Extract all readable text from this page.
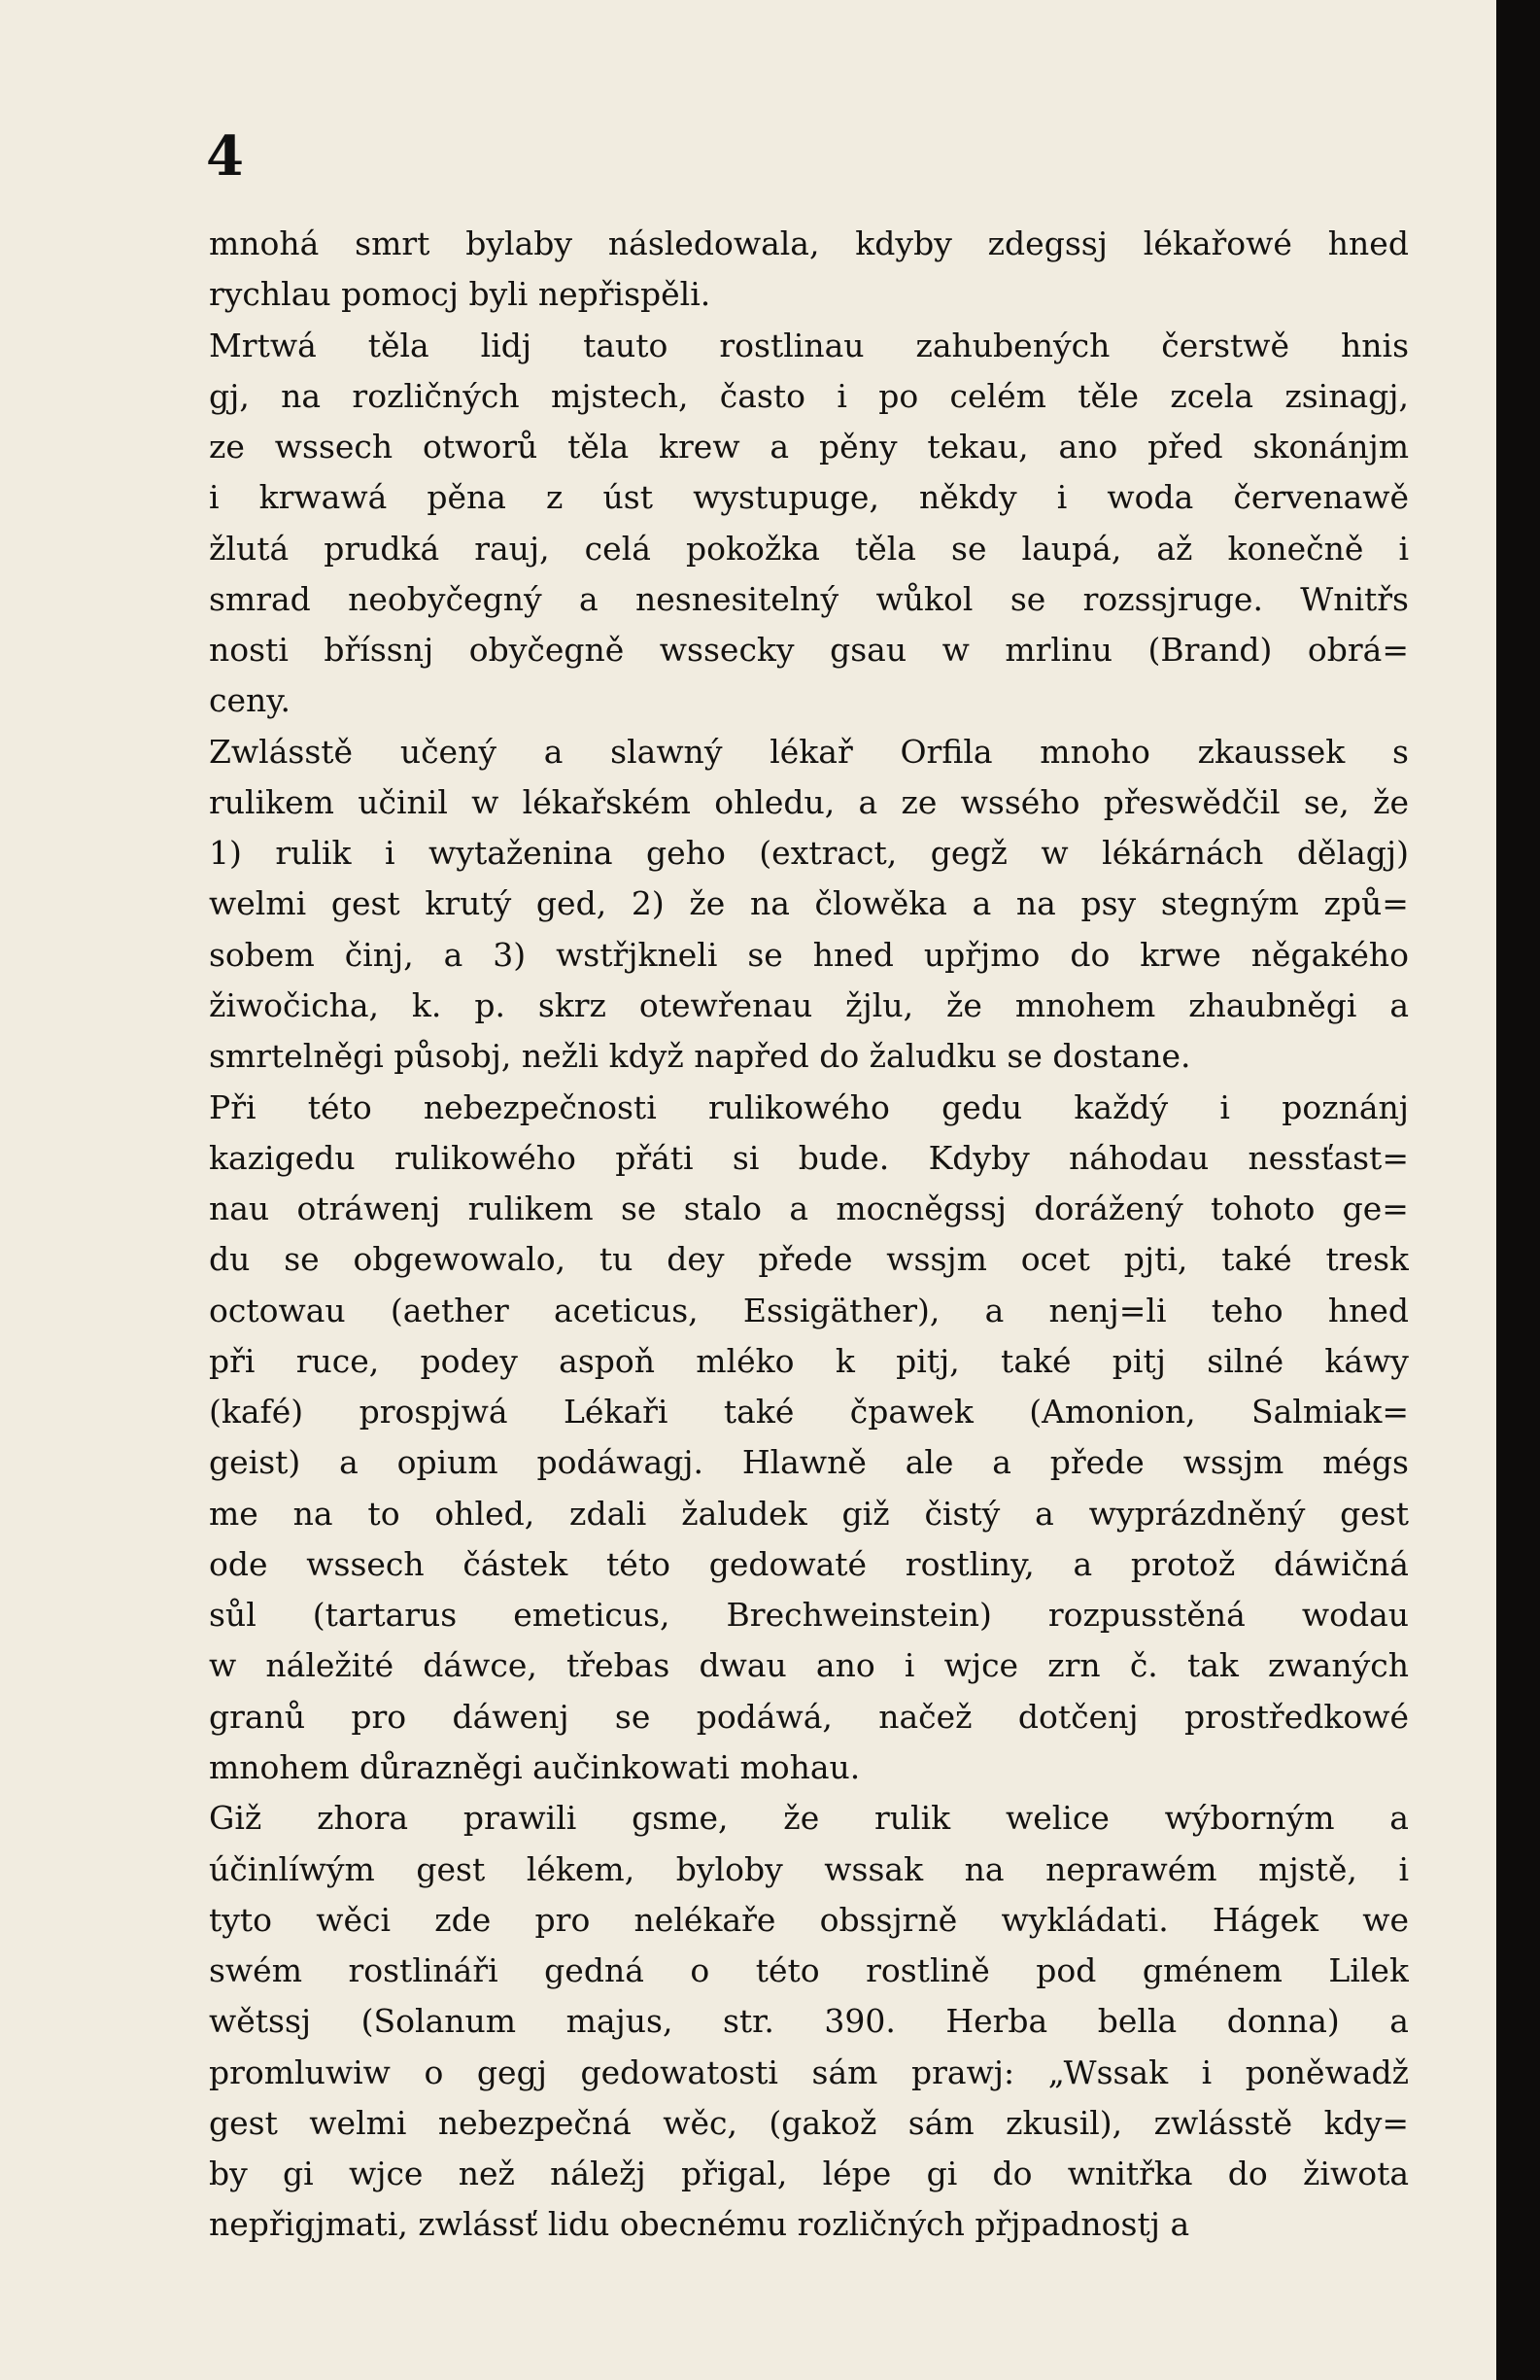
4
mnohá smrt bylaby následowala, kdyby zdegssj lékařowé hned
rychlau pomocj byli nepřispěli.
Mrtwá těla lidj tauto rostlinau zahubených čerstwě hnis
gj, na rozličných mjstech, často i po celém těle zcela zsinagj,
ze wssech otworů těla krew a pěny tekau, ano před skonánjm
i krwawá pěna z úst wystupuge, někdy i woda červenawě
žlutá prudká rauj, celá pokožka těla se laupá, až konečně i
smrad neobyčegný a nesnesitelný wůkol se rozssjruge. Wnitřs
nosti bříssnj obyčegně wssecky gsau w mrlinu (Brand) obrá=
ceny.
Zwlásstě učený a slawný lékař Orfila mnoho zkaussek s
rulikem učinil w lékařském ohledu, a ze wssého přeswědčil se, že
1) rulik i wytaženina geho (extract, gegž w lékárnách dělagj)
welmi gest krutý ged, 2) že na člowěka a na psy stegným způ=
sobem činj, a 3) wstřjkneli se hned upřjmo do krwe něgakého
žiwočicha, k. p. skrz otewřenau žjlu, že mnohem zhaubněgi a
smrtelněgi působj, nežli když napřed do žaludku se dostane.
Při této nebezpečnosti rulikowého gedu každý i poznánj
kazigedu rulikowého přáti si bude. Kdyby náhodau nessťast=
nau otráwenj rulikem se stalo a mocněgssj dorážený tohoto ge=
du se obgewowalo, tu dey přede wssjm ocet pjti, také tresk
octowau (aether aceticus, Essigäther), a nenj=li teho hned
při ruce, podey aspoň mléko k pitj, také pitj silné káwy
(kafé) prospjwá Lékaři také čpawek (Amonion, Salmiak=
geist) a opium podáwagj. Hlawně ale a přede wssjm mégs
me na to ohled, zdali žaludek giž čistý a wyprázdněný gest
ode wssech částek této gedowaté rostliny, a protož dáwičná
sůl (tartarus emeticus, Brechweinstein) rozpusstěná wodau
w náležité dáwce, třebas dwau ano i wjce zrn č. tak zwaných
granů pro dáwenj se podáwá, načež dotčenj prostředkowé
mnohem důrazněgi aučinkowati mohau.
Giž zhora prawili gsme, že rulik welice wýborným a
účinlíwým gest lékem, byloby wssak na neprawém mjstě, i
tyto wěci zde pro nelékaře obssjrně wykládati. Hágek we
swém rostlináři gedná o této rostlině pod gménem Lilek
wětssj (Solanum majus, str. 390. Herba bella donna) a
promluwiw o gegj gedowatosti sám prawj: „Wssak i poněwadž
gest welmi nebezpečná wěc, (gakož sám zkusil), zwlásstě kdy=
by gi wjce než náležj přigal, lépe gi do wnitřka do žiwota
nepřigjmati, zwlássť lidu obecnému rozličných přjpadnostj a
